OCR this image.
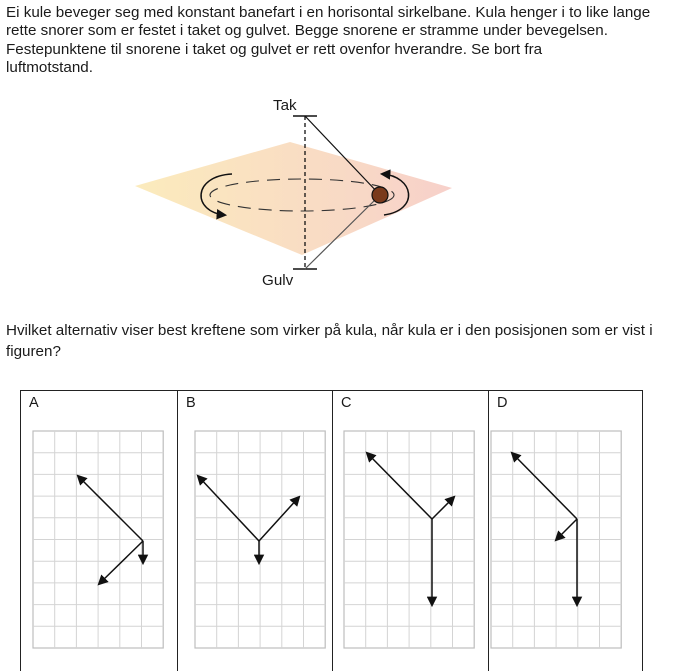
Ei kule beveger seg med konstant banefart i en horisontal sirkelbane. Kula henger i to like lange
rette snorer som er festet i taket og gulvet. Begge snorene er stramme under bevegelsen.
Festepunktene til snorene i taket og gulvet er rett ovenfor hverandre. Se bort fra
luftmotstand.
Tak
Gulv
Hvilket alternativ viser best kreftene som virker på kula, når kula er i den posisjonen som er vist i
figuren?
A	B	C	D
